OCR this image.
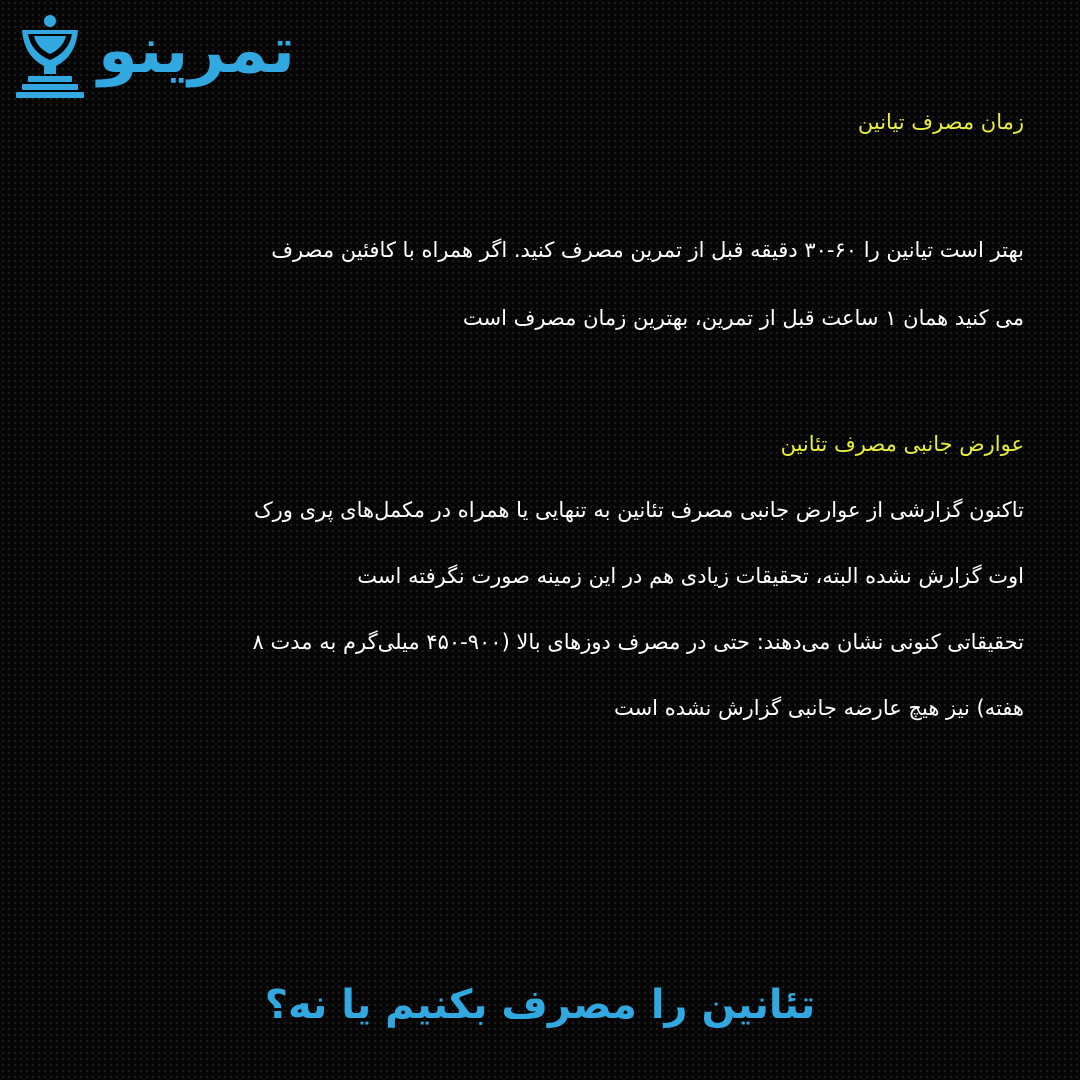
تمرینو
زمان مصرف تیانین
بهتر است تیانین را ۶۰-۳۰ دقیقه قبل از تمرین مصرف کنید. اگر همراه با کافئین مصرف
می کنید همان ۱ ساعت قبل از تمرین، بهترین زمان مصرف است
عوارض جانبی مصرف تئانین
تاکنون گزارشی از عوارض جانبی مصرف تئانین به تنهایی یا همراه در مکمل‌های پری ورک
اوت گزارش نشده البته، تحقیقات زیادی هم در این زمینه صورت نگرفته است
تحقیقاتی کنونی نشان می‌دهند: حتی در مصرف دوزهای بالا (۹۰۰-۴۵۰ میلی‌گرم به مدت ۸
هفته) نیز هیچ عارضه جانبی گزارش نشده است
تئانین را مصرف بکنیم یا نه؟
